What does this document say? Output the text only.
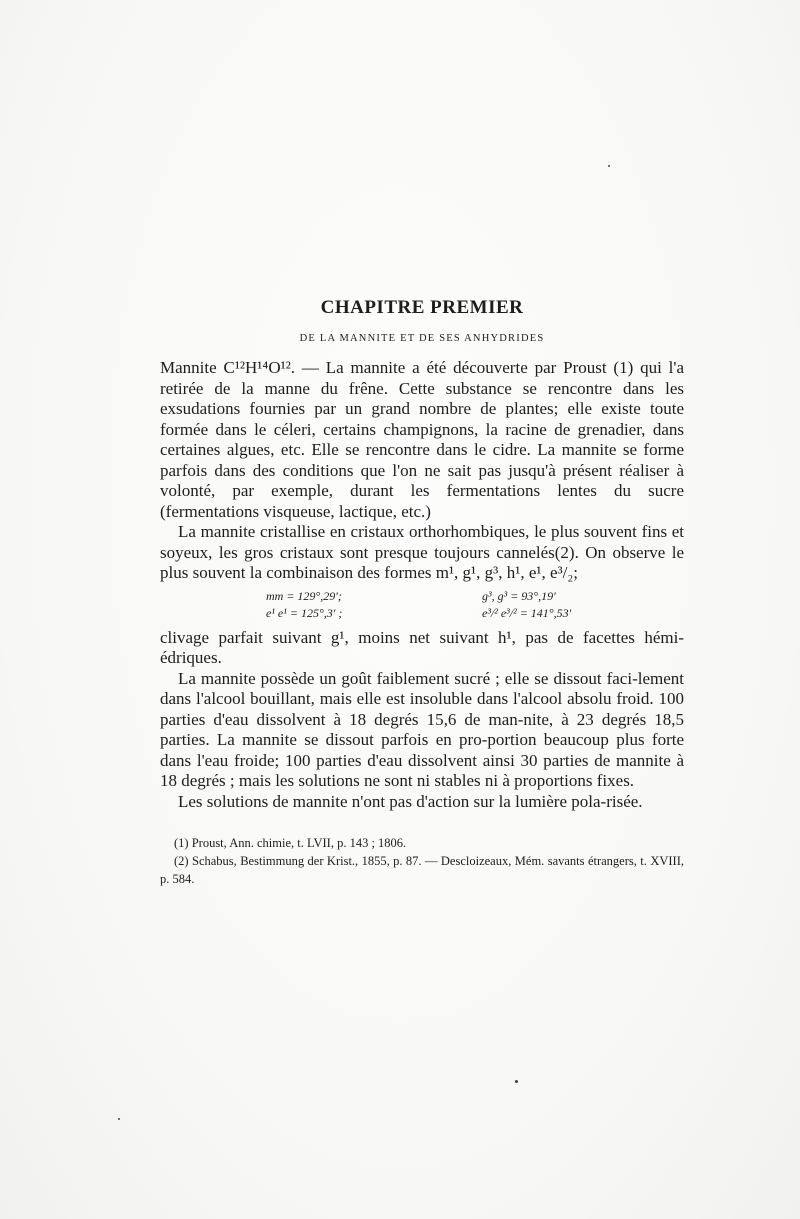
CHAPITRE PREMIER
DE LA MANNITE ET DE SES ANHYDRIDES

Mannite C¹²H¹⁴O¹². — La mannite a été découverte par Proust (1) qui l'a retirée de la manne du frêne. Cette substance se rencontre dans les exsudations fournies par un grand nombre de plantes; elle existe toute formée dans le céleri, certains champignons, la racine de grenadier, dans certaines algues, etc. Elle se rencontre dans le cidre. La mannite se forme parfois dans des conditions que l'on ne sait pas jusqu'à présent réaliser à volonté, par exemple, durant les fermentations lentes du sucre (fermentations visqueuse, lactique, etc.)

La mannite cristallise en cristaux orthorhombiques, le plus souvent fins et soyeux, les gros cristaux sont presque toujours cannelés(2). On observe le plus souvent la combinaison des formes m¹, g¹, g³, h¹, e¹, e³/₂;

mm = 129°,29′;	g³, g³ = 93°,19′
e¹ e¹ = 125°,3′ ;	e³/² e³/² = 141°,53′

clivage parfait suivant g¹, moins net suivant h¹, pas de facettes hémi-édriques.

La mannite possède un goût faiblement sucré ; elle se dissout faci-lement dans l'alcool bouillant, mais elle est insoluble dans l'alcool absolu froid. 100 parties d'eau dissolvent à 18 degrés 15,6 de man-nite, à 23 degrés 18,5 parties. La mannite se dissout parfois en pro-portion beaucoup plus forte dans l'eau froide; 100 parties d'eau dissolvent ainsi 30 parties de mannite à 18 degrés ; mais les solutions ne sont ni stables ni à proportions fixes.

Les solutions de mannite n'ont pas d'action sur la lumière pola-risée.

(1) Proust, Ann. chimie, t. LVII, p. 143 ; 1806.
(2) Schabus, Bestimmung der Krist., 1855, p. 87. — Descloizeaux, Mém. savants étrangers, t. XVIII, p. 584.
